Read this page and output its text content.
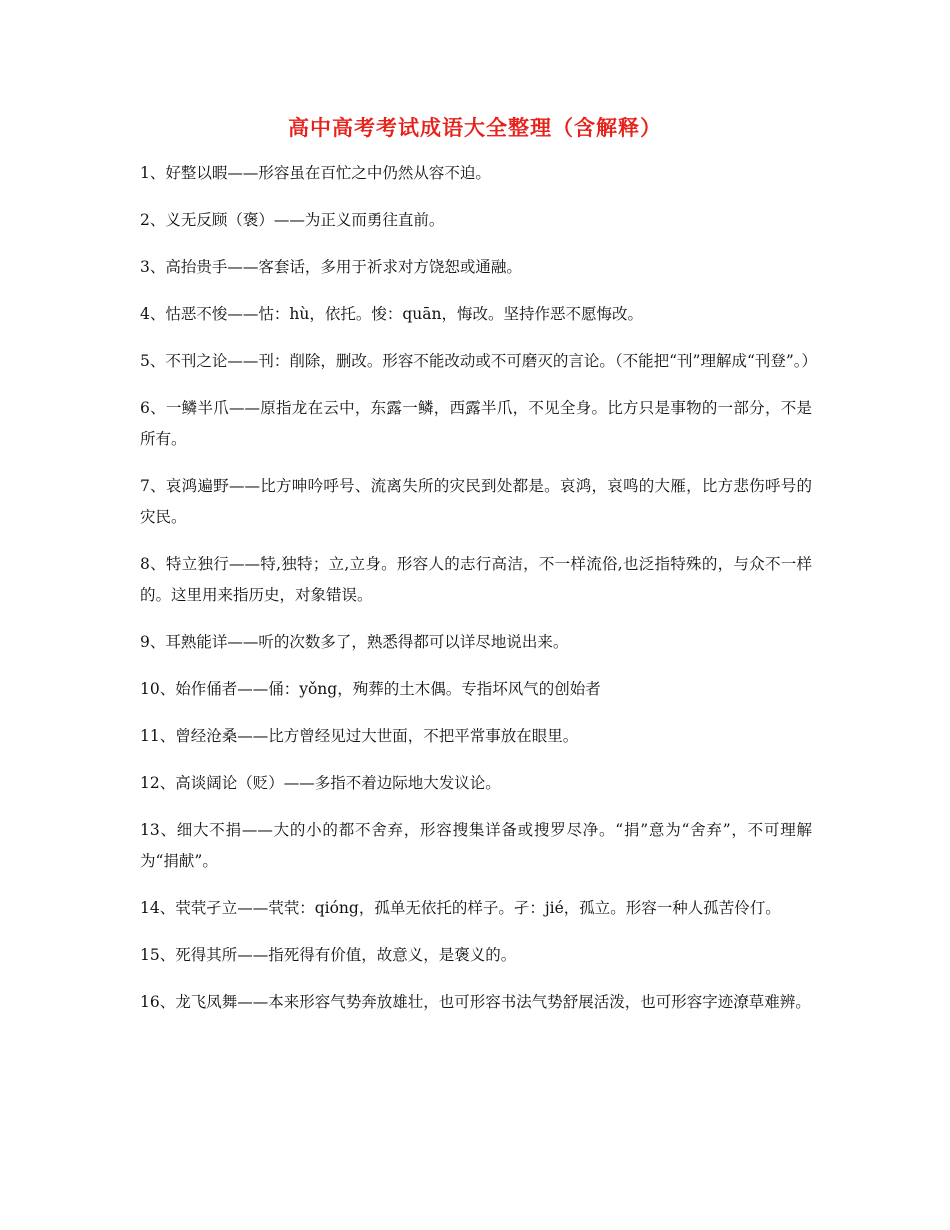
高中高考考试成语大全整理（含解释）

1、好整以暇——形容虽在百忙之中仍然从容不迫。

2、义无反顾（褒）——为正义而勇往直前。

3、高抬贵手——客套话，多用于祈求对方饶恕或通融。

4、怙恶不悛——怙：hù，依托。悛：quān，悔改。坚持作恶不愿悔改。

5、不刊之论——刊：削除，删改。形容不能改动或不可磨灭的言论。（不能把“刊”理解成“刊登”。）

6、一鳞半爪——原指龙在云中，东露一鳞，西露半爪，不见全身。比方只是事物的一部分，不是所有。

7、哀鸿遍野——比方呻吟呼号、流离失所的灾民到处都是。哀鸿，哀鸣的大雁，比方悲伤呼号的灾民。

8、特立独行——特,独特；立,立身。形容人的志行高洁，不一样流俗,也泛指特殊的，与众不一样的。这里用来指历史，对象错误。

9、耳熟能详——听的次数多了，熟悉得都可以详尽地说出来。

10、始作俑者——俑：yǒng，殉葬的土木偶。专指坏风气的创始者

11、曾经沧桑——比方曾经见过大世面，不把平常事放在眼里。

12、高谈阔论（贬）——多指不着边际地大发议论。

13、细大不捐——大的小的都不舍弃，形容搜集详备或搜罗尽净。“捐”意为“舍弃”，不可理解为“捐献”。

14、茕茕孑立——茕茕：qióng，孤单无依托的样子。孑：jié，孤立。形容一种人孤苦伶仃。

15、死得其所——指死得有价值，故意义，是褒义的。

16、龙飞凤舞——本来形容气势奔放雄壮，也可形容书法气势舒展活泼，也可形容字迹潦草难辨。
